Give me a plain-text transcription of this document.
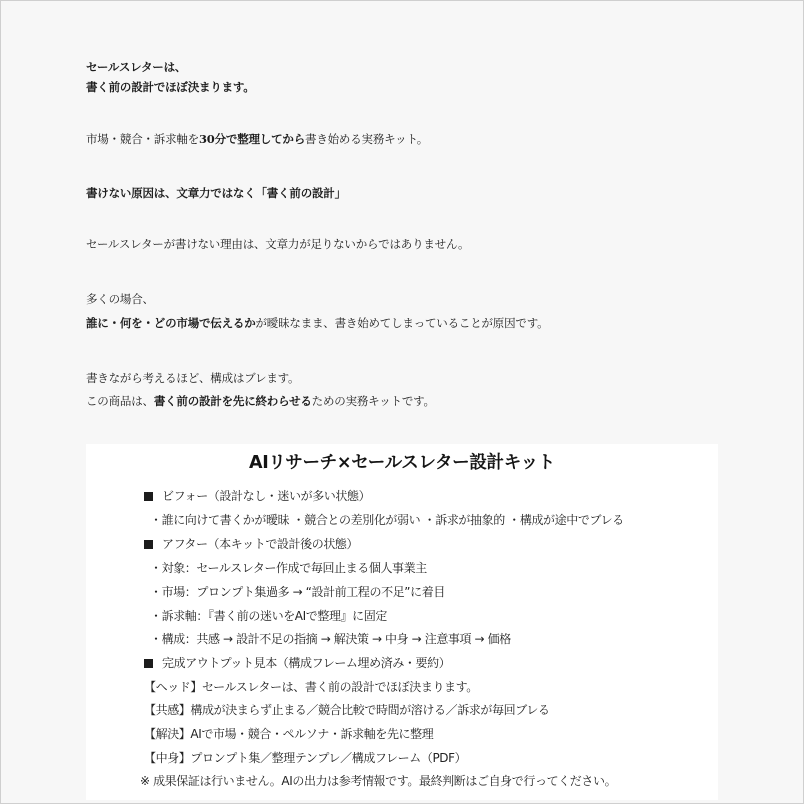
セールスレターは、
書く前の設計でほぼ決まります。
市場・競合・訴求軸を30分で整理してから書き始める実務キット。
書けない原因は、文章力ではなく「書く前の設計」
セールスレターが書けない理由は、文章力が足りないからではありません。
多くの場合、
誰に・何を・どの市場で伝えるかが曖昧なまま、書き始めてしまっていることが原因です。
書きながら考えるほど、構成はブレます。
この商品は、書く前の設計を先に終わらせるための実務キットです。
AIリサーチ×セールスレター設計キット
ビフォー（設計なし・迷いが多い状態）
・誰に向けて書くかが曖昧 ・競合との差別化が弱い ・訴求が抽象的 ・構成が途中でブレる
アフター（本キットで設計後の状態）
・対象：セールスレター作成で毎回止まる個人事業主
・市場：プロンプト集過多 → “設計前工程の不足”に着目
・訴求軸：『書く前の迷いをAIで整理』に固定
・構成：共感 → 設計不足の指摘 → 解決策 → 中身 → 注意事項 → 価格
完成アウトプット見本（構成フレーム埋め済み・要約）
【ヘッド】セールスレターは、書く前の設計でほぼ決まります。
【共感】構成が決まらず止まる／競合比較で時間が溶ける／訴求が毎回ブレる
【解決】AIで市場・競合・ペルソナ・訴求軸を先に整理
【中身】プロンプト集／整理テンプレ／構成フレーム（PDF）
※ 成果保証は行いません。AIの出力は参考情報です。最終判断はご自身で行ってください。
